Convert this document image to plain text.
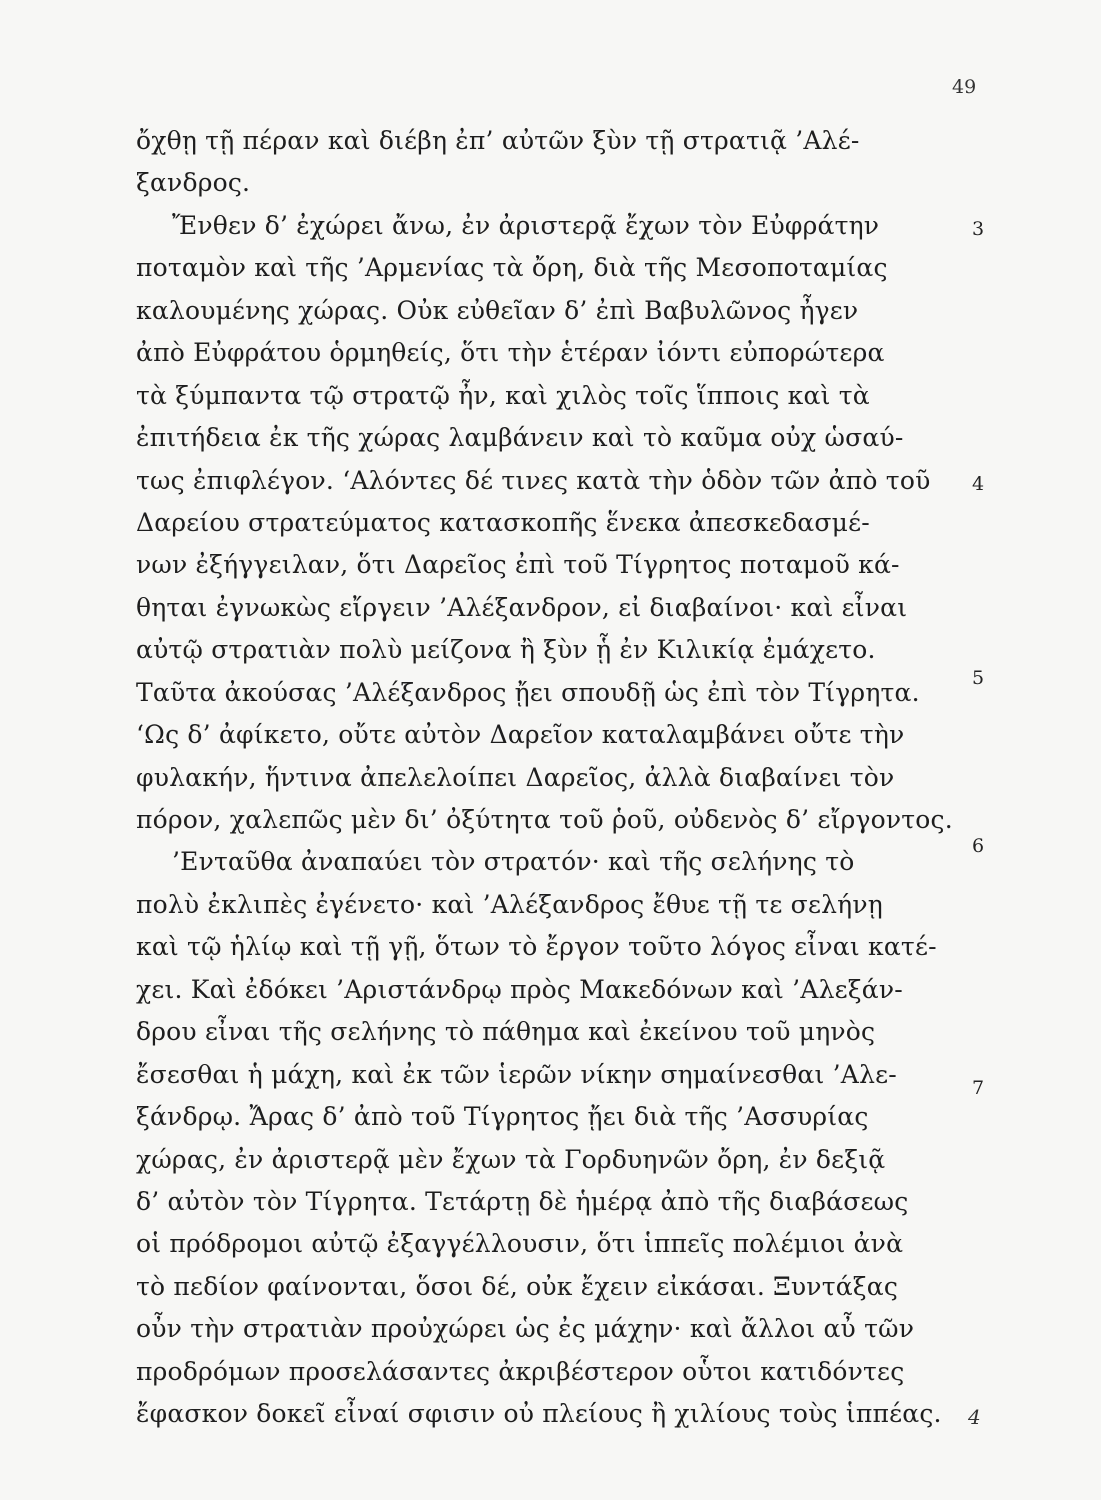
49
ὄχθῃ τῇ πέραν καὶ διέβη ἐπ’ αὐτῶν ξὺν τῇ στρατιᾷ ’Αλέ-
ξανδρος.
Ἔνθεν δ’ ἐχώρει ἄνω, ἐν ἀριστερᾷ ἔχων τὸν Εὐφράτην
ποταμὸν καὶ τῆς ’Αρμενίας τὰ ὄρη, διὰ τῆς Μεσοποταμίας
καλουμένης χώρας. Οὐκ εὐθεῖαν δ’ ἐπὶ Βαβυλῶνος ἦγεν
ἀπὸ Εὐφράτου ὁρμηθείς, ὅτι τὴν ἑτέραν ἰόντι εὐπορώτερα
τὰ ξύμπαντα τῷ στρατῷ ἦν, καὶ χιλὸς τοῖς ἵπποις καὶ τὰ
ἐπιτήδεια ἐκ τῆς χώρας λαμβάνειν καὶ τὸ καῦμα οὐχ ὡσαύ-
τως ἐπιφλέγον. ‘Αλόντες δέ τινες κατὰ τὴν ὁδὸν τῶν ἀπὸ τοῦ
Δαρείου στρατεύματος κατασκοπῆς ἕνεκα ἀπεσκεδασμέ-
νων ἐξήγγειλαν, ὅτι Δαρεῖος ἐπὶ τοῦ Τίγρητος ποταμοῦ κά-
θηται ἐγνωκὼς εἴργειν ’Αλέξανδρον, εἰ διαβαίνοι· καὶ εἶναι
αὐτῷ στρατιὰν πολὺ μείζονα ἢ ξὺν ᾗ ἐν Κιλικίᾳ ἐμάχετο.
Ταῦτα ἀκούσας ’Αλέξανδρος ᾔει σπουδῇ ὡς ἐπὶ τὸν Τίγρητα.
‘Ως δ’ ἀφίκετο, οὔτε αὐτὸν Δαρεῖον καταλαμβάνει οὔτε τὴν
φυλακήν, ἥντινα ἀπελελοίπει Δαρεῖος, ἀλλὰ διαβαίνει τὸν
πόρον, χαλεπῶς μὲν δι’ ὀξύτητα τοῦ ῥοῦ, οὐδενὸς δ’ εἴργοντος.
’Ενταῦθα ἀναπαύει τὸν στρατόν· καὶ τῆς σελήνης τὸ
πολὺ ἐκλιπὲς ἐγένετο· καὶ ’Αλέξανδρος ἔθυε τῇ τε σελήνῃ
καὶ τῷ ἡλίῳ καὶ τῇ γῇ, ὅτων τὸ ἔργον τοῦτο λόγος εἶναι κατέ-
χει. Καὶ ἐδόκει ’Αριστάνδρῳ πρὸς Μακεδόνων καὶ ’Αλεξάν-
δρου εἶναι τῆς σελήνης τὸ πάθημα καὶ ἐκείνου τοῦ μηνὸς
ἔσεσθαι ἡ μάχη, καὶ ἐκ τῶν ἱερῶν νίκην σημαίνεσθαι ’Αλε-
ξάνδρῳ. Ἄρας δ’ ἀπὸ τοῦ Τίγρητος ᾔει διὰ τῆς ’Ασσυρίας
χώρας, ἐν ἀριστερᾷ μὲν ἔχων τὰ Γορδυηνῶν ὄρη, ἐν δεξιᾷ
δ’ αὐτὸν τὸν Τίγρητα. Τετάρτῃ δὲ ἡμέρᾳ ἀπὸ τῆς διαβάσεως
οἱ πρόδρομοι αὐτῷ ἐξαγγέλλουσιν, ὅτι ἱππεῖς πολέμιοι ἀνὰ
τὸ πεδίον φαίνονται, ὅσοι δέ, οὐκ ἔχειν εἰκάσαι. Ξυντάξας
οὖν τὴν στρατιὰν προὐχώρει ὡς ἐς μάχην· καὶ ἄλλοι αὖ τῶν
προδρόμων προσελάσαντες ἀκριβέστερον οὗτοι κατιδόντες
ἔφασκον δοκεῖ εἶναί σφισιν οὐ πλείους ἢ χιλίους τοὺς ἱππέας.
3
4
5
6
7
4
